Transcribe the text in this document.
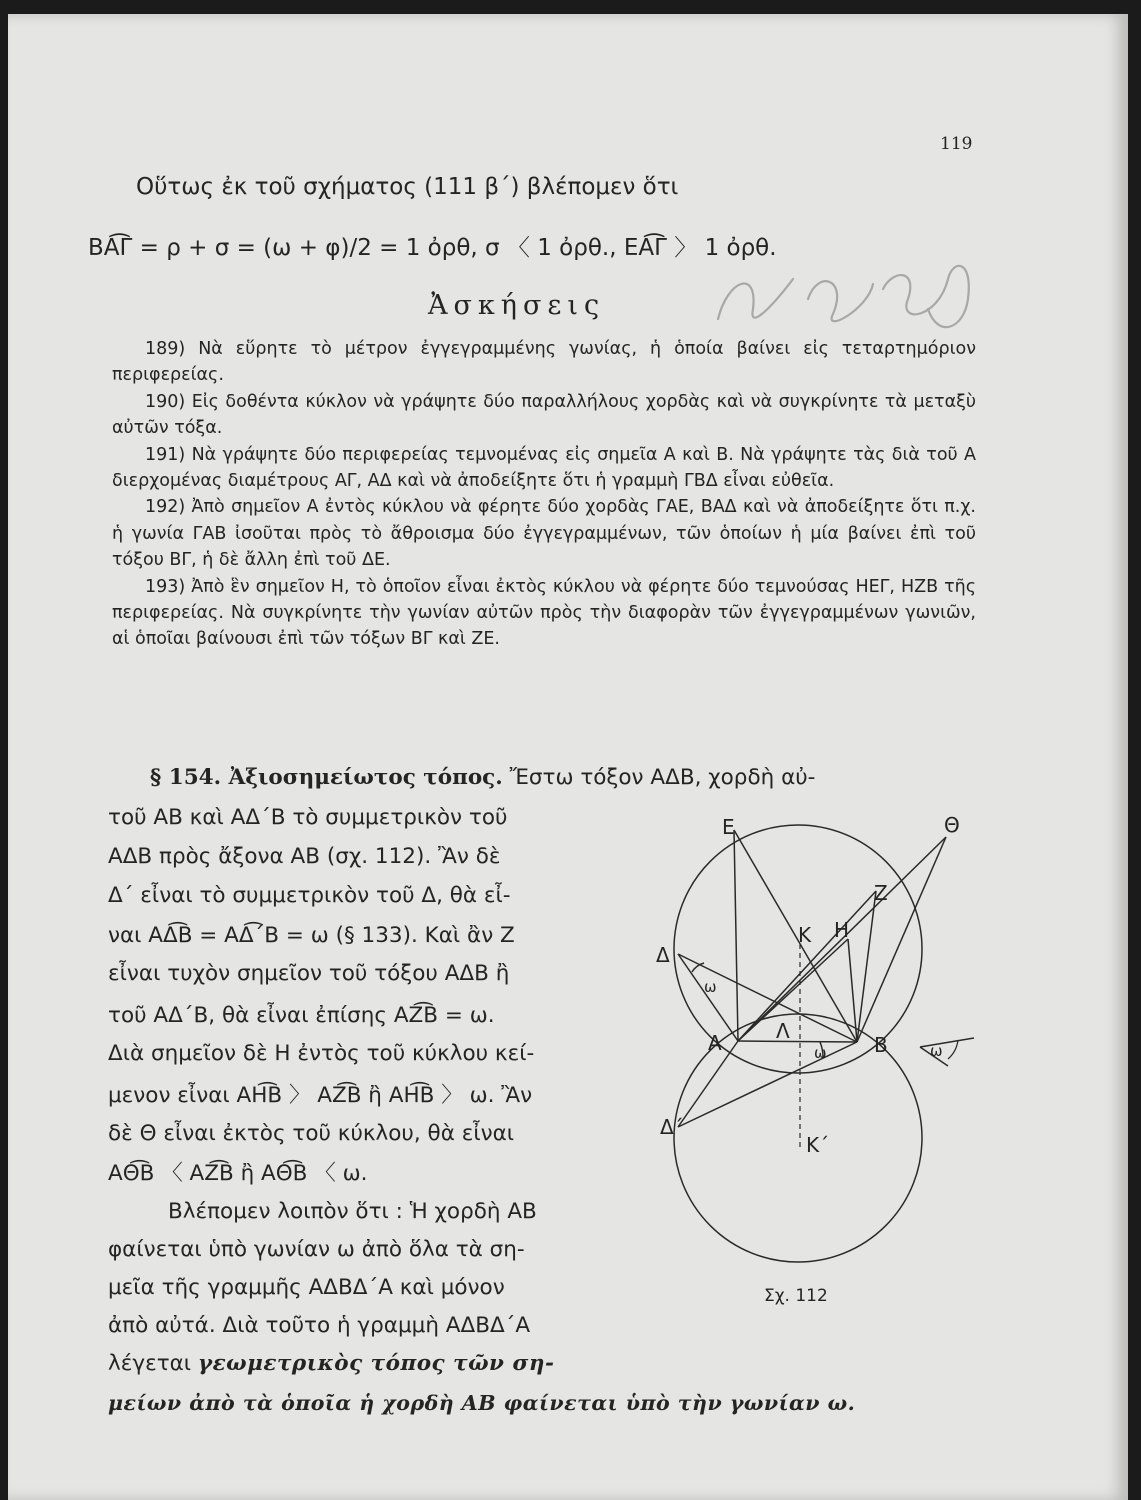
119
Οὕτως ἐκ τοῦ σχήματος (111 β΄) βλέπομεν ὅτι
ΒΑ͡Γ = ρ + σ = (ω + φ)/2 = 1 ὀρθ, σ 〈 1 ὀρθ., ΕΑ͡Γ 〉 1 ὀρθ.
Ἀσκήσεις

189) Νὰ εὕρητε τὸ μέτρον ἐγγεγραμμένης γωνίας, ἡ ὁποία βαίνει εἰς τεταρτημόριον περιφερείας.

190) Εἰς δοθέντα κύκλον νὰ γράψητε δύο παραλλήλους χορδὰς καὶ νὰ συγκρίνητε τὰ μεταξὺ αὐτῶν τόξα.

191) Νὰ γράψητε δύο περιφερείας τεμνομένας εἰς σημεῖα Α καὶ Β. Νὰ γράψητε τὰς διὰ τοῦ Α διερχομένας διαμέτρους ΑΓ, ΑΔ καὶ νὰ ἀποδείξητε ὅτι ἡ γραμμὴ ΓΒΔ εἶναι εὐθεῖα.

192) Ἀπὸ σημεῖον Α ἐντὸς κύκλου νὰ φέρητε δύο χορδὰς ΓΑΕ, ΒΑΔ καὶ νὰ ἀποδείξητε ὅτι π.χ. ἡ γωνία ΓΑΒ ἰσοῦται πρὸς τὸ ἄθροισμα δύο ἐγγεγραμμένων, τῶν ὁποίων ἡ μία βαίνει ἐπὶ τοῦ τόξου ΒΓ, ἡ δὲ ἄλλη ἐπὶ τοῦ ΔΕ.

193) Ἀπὸ ἓν σημεῖον Η, τὸ ὁποῖον εἶναι ἐκτὸς κύκλου νὰ φέρητε δύο τεμνούσας ΗΕΓ, ΗΖΒ τῆς περιφερείας. Νὰ συγκρίνητε τὴν γωνίαν αὐτῶν πρὸς τὴν διαφορὰν τῶν ἐγγεγραμμένων γωνιῶν, αἱ ὁποῖαι βαίνουσι ἐπὶ τῶν τόξων ΒΓ καὶ ΖΕ.

§ 154. Ἀξιοσημείωτος τόπος. Ἔστω τόξον ΑΔΒ, χορδὴ αὐ-
τοῦ ΑΒ καὶ ΑΔ΄Β τὸ συμμετρικὸν τοῦ
ΑΔΒ πρὸς ἄξονα ΑΒ (σχ. 112). Ἂν δὲ
Δ΄ εἶναι τὸ συμμετρικὸν τοῦ Δ, θὰ εἶ-
ναι ΑΔ͡Β = ΑΔ͡΄Β = ω (§ 133). Καὶ ἂν Ζ
εἶναι τυχὸν σημεῖον τοῦ τόξου ΑΔΒ ἢ
τοῦ ΑΔ΄Β, θὰ εἶναι ἐπίσης ΑΖ͡Β = ω.
Διὰ σημεῖον δὲ Η ἐντὸς τοῦ κύκλου κεί-
μενον εἶναι ΑΗ͡Β 〉 ΑΖ͡Β ἢ ΑΗ͡Β 〉 ω. Ἂν
δὲ Θ εἶναι ἐκτὸς τοῦ κύκλου, θὰ εἶναι
ΑΘ͡Β 〈 ΑΖ͡Β ἢ ΑΘ͡Β 〈 ω.
Βλέπομεν λοιπὸν ὅτι : Ἡ χορδὴ ΑΒ
φαίνεται ὑπὸ γωνίαν ω ἀπὸ ὅλα τὰ ση-
μεῖα τῆς γραμμῆς ΑΔΒΔ΄Α καὶ μόνον
ἀπὸ αὐτά. Διὰ τοῦτο ἡ γραμμὴ ΑΔΒΔ΄Α
λέγεται γεωμετρικὸς τόπος τῶν ση-
μείων ἀπὸ τὰ ὁποῖα ἡ χορδὴ ΑΒ φαίνεται ὑπὸ τὴν γωνίαν ω.
Ε	Θ
Ζ
Κ Η
Δ
ω
Α	Λ
Β
ω	ω
Δ΄
Κ΄
Σχ. 112
